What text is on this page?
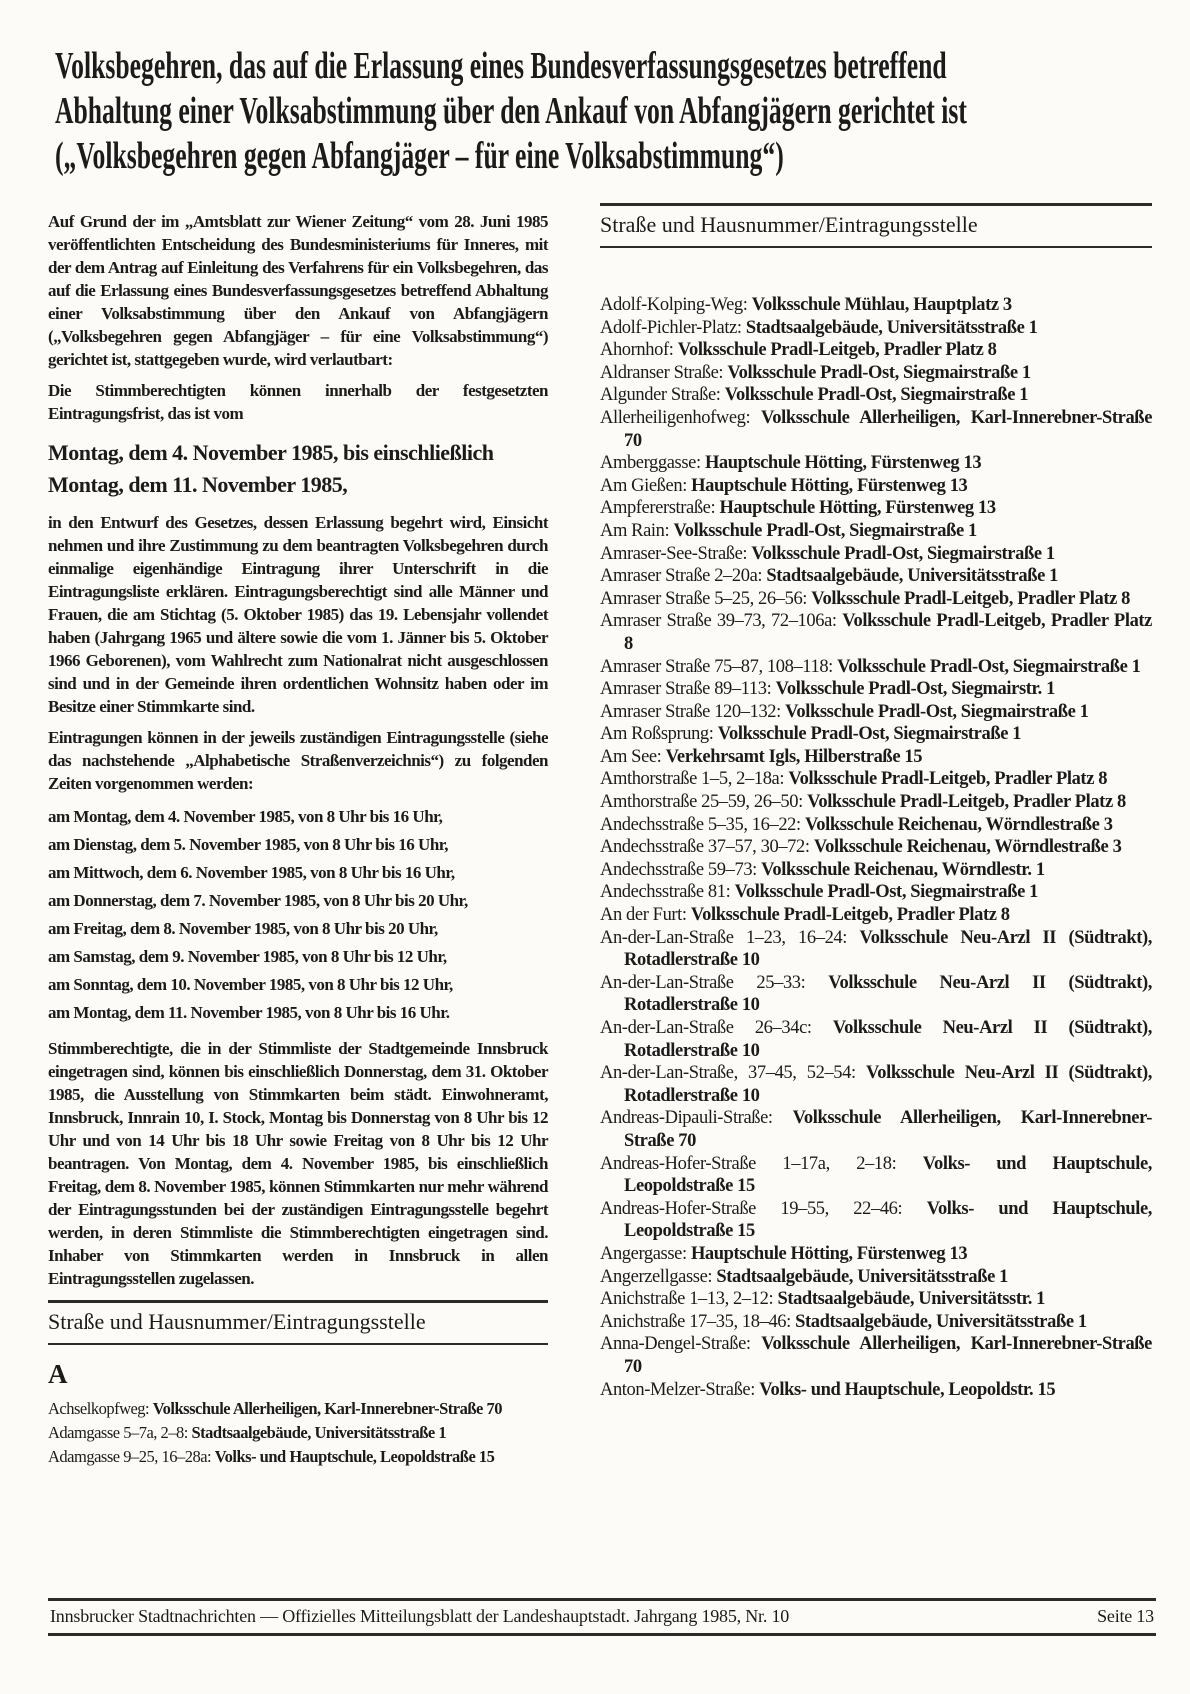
Volksbegehren, das auf die Erlassung eines Bundesverfassungsgesetzes betreffend Abhaltung einer Volksabstimmung über den Ankauf von Abfangjägern gerichtet ist („Volksbegehren gegen Abfangjäger – für eine Volksabstimmung“)

Auf Grund der im „Amtsblatt zur Wiener Zeitung“ vom 28. Juni 1985 veröffentlichten Entscheidung des Bundesministeriums für Inneres, mit der dem Antrag auf Einleitung des Verfahrens für ein Volksbegehren, das auf die Erlassung eines Bundesverfassungsgesetzes betreffend Abhaltung einer Volksabstimmung über den Ankauf von Abfangjägern („Volksbegehren gegen Abfangjäger – für eine Volksabstimmung“) gerichtet ist, stattgegeben wurde, wird verlautbart:

Die Stimmberechtigten können innerhalb der festgesetzten Eintragungsfrist, das ist vom

Montag, dem 4. November 1985, bis einschließlich Montag, dem 11. November 1985,

in den Entwurf des Gesetzes, dessen Erlassung begehrt wird, Einsicht nehmen und ihre Zustimmung zu dem beantragten Volksbegehren durch einmalige eigenhändige Eintragung ihrer Unterschrift in die Eintragungsliste erklären. Eintragungsberechtigt sind alle Männer und Frauen, die am Stichtag (5. Oktober 1985) das 19. Lebensjahr vollendet haben (Jahrgang 1965 und ältere sowie die vom 1. Jänner bis 5. Oktober 1966 Geborenen), vom Wahlrecht zum Nationalrat nicht ausgeschlossen sind und in der Gemeinde ihren ordentlichen Wohnsitz haben oder im Besitze einer Stimmkarte sind.

Eintragungen können in der jeweils zuständigen Eintragungsstelle (siehe das nachstehende „Alphabetische Straßenverzeichnis“) zu folgenden Zeiten vorgenommen werden:

am Montag, dem 4. November 1985, von 8 Uhr bis 16 Uhr,
am Dienstag, dem 5. November 1985, von 8 Uhr bis 16 Uhr,
am Mittwoch, dem 6. November 1985, von 8 Uhr bis 16 Uhr,
am Donnerstag, dem 7. November 1985, von 8 Uhr bis 20 Uhr,
am Freitag, dem 8. November 1985, von 8 Uhr bis 20 Uhr,
am Samstag, dem 9. November 1985, von 8 Uhr bis 12 Uhr,
am Sonntag, dem 10. November 1985, von 8 Uhr bis 12 Uhr,
am Montag, dem 11. November 1985, von 8 Uhr bis 16 Uhr.

Stimmberechtigte, die in der Stimmliste der Stadtgemeinde Innsbruck eingetragen sind, können bis einschließlich Donnerstag, dem 31. Oktober 1985, die Ausstellung von Stimmkarten beim städt. Einwohneramt, Innsbruck, Innrain 10, I. Stock, Montag bis Donnerstag von 8 Uhr bis 12 Uhr und von 14 Uhr bis 18 Uhr sowie Freitag von 8 Uhr bis 12 Uhr beantragen. Von Montag, dem 4. November 1985, bis einschließlich Freitag, dem 8. November 1985, können Stimmkarten nur mehr während der Eintragungsstunden bei der zuständigen Eintragungsstelle begehrt werden, in deren Stimmliste die Stimmberechtigten eingetragen sind. Inhaber von Stimmkarten werden in Innsbruck in allen Eintragungsstellen zugelassen.

Straße und Hausnummer/Eintragungsstelle
A
Achselkopfweg: Volksschule Allerheiligen, Karl-Innerebner-Straße 70
Adamgasse 5–7a, 2–8: Stadtsaalgebäude, Universitätsstraße 1
Adamgasse 9–25, 16–28a: Volks- und Hauptschule, Leopoldstraße 15
Straße und Hausnummer/Eintragungsstelle
Adolf-Kolping-Weg: Volksschule Mühlau, Hauptplatz 3
Adolf-Pichler-Platz: Stadtsaalgebäude, Universitätsstraße 1
Ahornhof: Volksschule Pradl-Leitgeb, Pradler Platz 8
Aldranser Straße: Volksschule Pradl-Ost, Siegmairstraße 1
Algunder Straße: Volksschule Pradl-Ost, Siegmairstraße 1
Allerheiligenhofweg: Volksschule Allerheiligen, Karl-Innerebner-Straße 70
Amberggasse: Hauptschule Hötting, Fürstenweg 13
Am Gießen: Hauptschule Hötting, Fürstenweg 13
Ampfererstraße: Hauptschule Hötting, Fürstenweg 13
Am Rain: Volksschule Pradl-Ost, Siegmairstraße 1
Amraser-See-Straße: Volksschule Pradl-Ost, Siegmairstraße 1
Amraser Straße 2–20a: Stadtsaalgebäude, Universitätsstraße 1
Amraser Straße 5–25, 26–56: Volksschule Pradl-Leitgeb, Pradler Platz 8
Amraser Straße 39–73, 72–106a: Volksschule Pradl-Leitgeb, Pradler Platz 8
Amraser Straße 75–87, 108–118: Volksschule Pradl-Ost, Siegmairstraße 1
Amraser Straße 89–113: Volksschule Pradl-Ost, Siegmairstr. 1
Amraser Straße 120–132: Volksschule Pradl-Ost, Siegmairstraße 1
Am Roßsprung: Volksschule Pradl-Ost, Siegmairstraße 1
Am See: Verkehrsamt Igls, Hilberstraße 15
Amthorstraße 1–5, 2–18a: Volksschule Pradl-Leitgeb, Pradler Platz 8
Amthorstraße 25–59, 26–50: Volksschule Pradl-Leitgeb, Pradler Platz 8
Andechsstraße 5–35, 16–22: Volksschule Reichenau, Wörndlestraße 3
Andechsstraße 37–57, 30–72: Volksschule Reichenau, Wörndlestraße 3
Andechsstraße 59–73: Volksschule Reichenau, Wörndlestr. 1
Andechsstraße 81: Volksschule Pradl-Ost, Siegmairstraße 1
An der Furt: Volksschule Pradl-Leitgeb, Pradler Platz 8
An-der-Lan-Straße 1–23, 16–24: Volksschule Neu-Arzl II (Südtrakt), Rotadlerstraße 10
An-der-Lan-Straße 25–33: Volksschule Neu-Arzl II (Südtrakt), Rotadlerstraße 10
An-der-Lan-Straße 26–34c: Volksschule Neu-Arzl II (Südtrakt), Rotadlerstraße 10
An-der-Lan-Straße, 37–45, 52–54: Volksschule Neu-Arzl II (Südtrakt), Rotadlerstraße 10
Andreas-Dipauli-Straße: Volksschule Allerheiligen, Karl-Innerebner-Straße 70
Andreas-Hofer-Straße 1–17a, 2–18: Volks- und Hauptschule, Leopoldstraße 15
Andreas-Hofer-Straße 19–55, 22–46: Volks- und Hauptschule, Leopoldstraße 15
Angergasse: Hauptschule Hötting, Fürstenweg 13
Angerzellgasse: Stadtsaalgebäude, Universitätsstraße 1
Anichstraße 1–13, 2–12: Stadtsaalgebäude, Universitätsstr. 1
Anichstraße 17–35, 18–46: Stadtsaalgebäude, Universitätsstraße 1
Anna-Dengel-Straße: Volksschule Allerheiligen, Karl-Innerebner-Straße 70
Anton-Melzer-Straße: Volks- und Hauptschule, Leopoldstr. 15
Innsbrucker Stadtnachrichten — Offizielles Mitteilungsblatt der Landeshauptstadt. Jahrgang 1985, Nr. 10	Seite 13
